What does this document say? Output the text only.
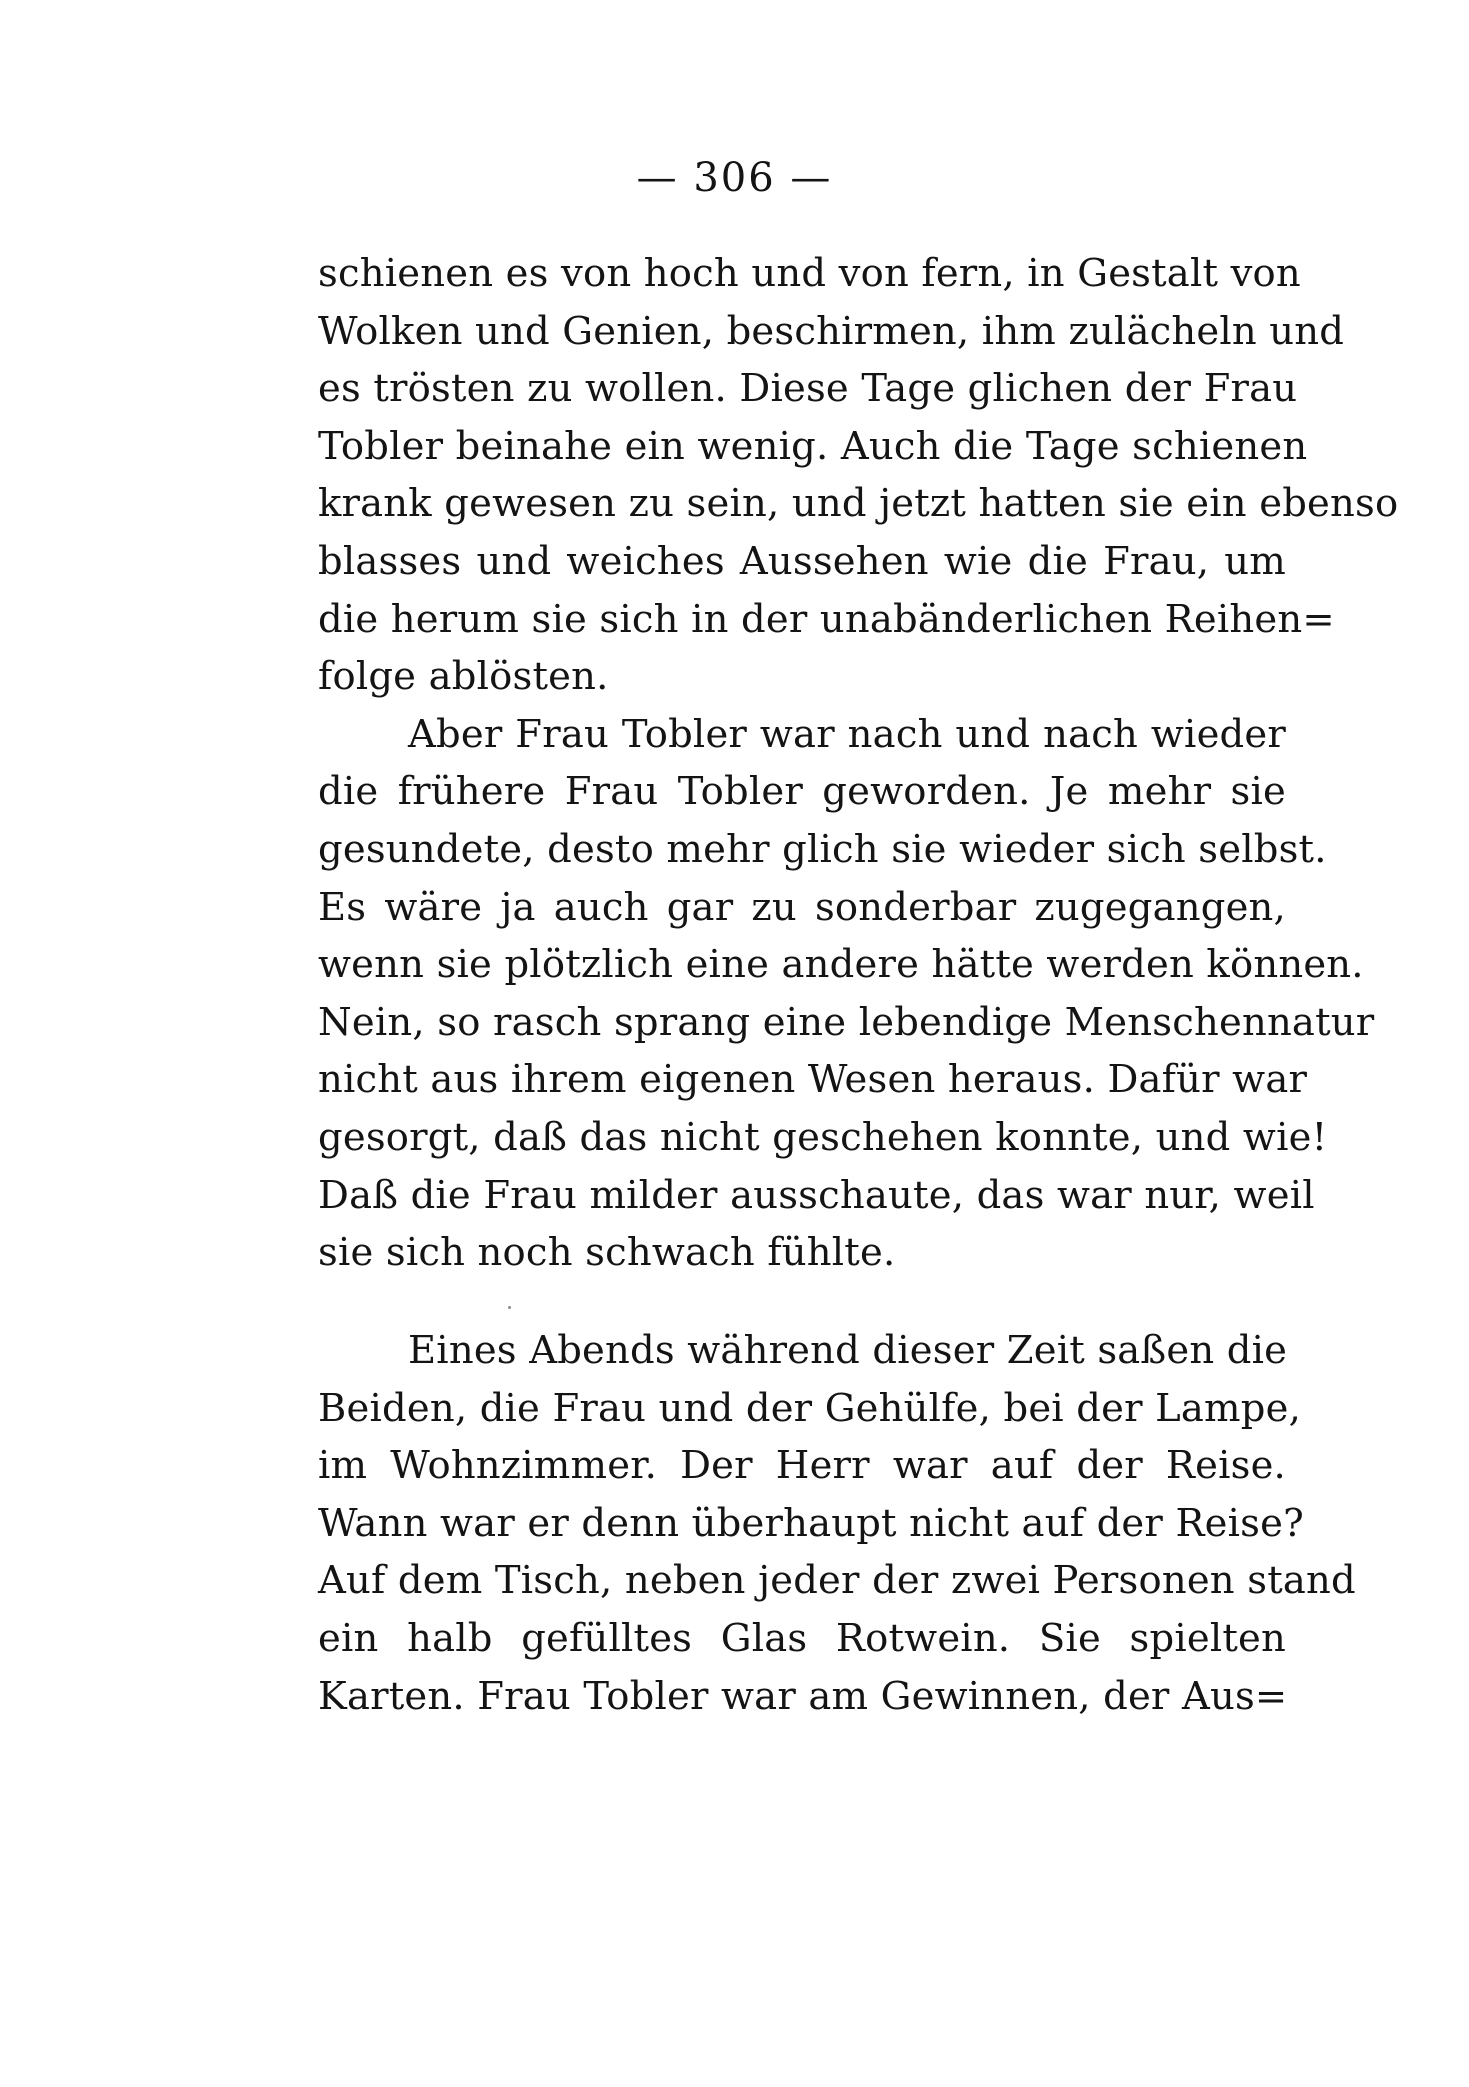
— 306 —
schienen es von hoch und von fern, in Gestalt von
Wolken und Genien, beschirmen, ihm zulächeln und
es trösten zu wollen. Diese Tage glichen der Frau
Tobler beinahe ein wenig. Auch die Tage schienen
krank gewesen zu sein, und jetzt hatten sie ein ebenso
blasses und weiches Aussehen wie die Frau, um
die herum sie sich in der unabänderlichen Reihen=
folge ablösten.
Aber Frau Tobler war nach und nach wieder
die frühere Frau Tobler geworden. Je mehr sie
gesundete, desto mehr glich sie wieder sich selbst.
Es wäre ja auch gar zu sonderbar zugegangen,
wenn sie plötzlich eine andere hätte werden können.
Nein, so rasch sprang eine lebendige Menschennatur
nicht aus ihrem eigenen Wesen heraus. Dafür war
gesorgt, daß das nicht geschehen konnte, und wie!
Daß die Frau milder ausschaute, das war nur, weil
sie sich noch schwach fühlte.
Eines Abends während dieser Zeit saßen die
Beiden, die Frau und der Gehülfe, bei der Lampe,
im Wohnzimmer. Der Herr war auf der Reise.
Wann war er denn überhaupt nicht auf der Reise?
Auf dem Tisch, neben jeder der zwei Personen stand
ein halb gefülltes Glas Rotwein. Sie spielten
Karten. Frau Tobler war am Gewinnen, der Aus=
